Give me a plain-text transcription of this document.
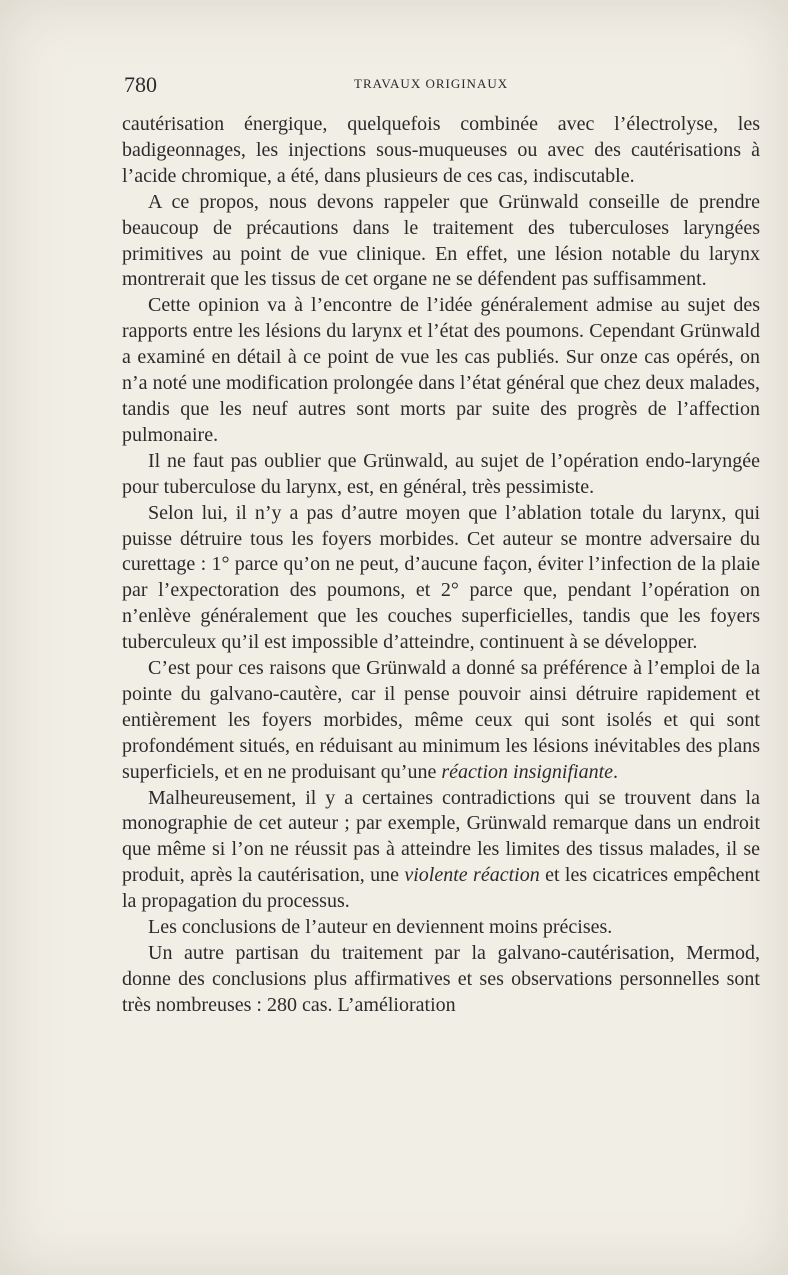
780	TRAVAUX ORIGINAUX

cautérisation énergique, quelquefois combinée avec l’électrolyse, les badigeonnages, les injections sous-muqueuses ou avec des cautérisations à l’acide chromique, a été, dans plusieurs de ces cas, indiscutable.

A ce propos, nous devons rappeler que Grünwald conseille de prendre beaucoup de précautions dans le traitement des tuberculoses laryngées primitives au point de vue clinique. En effet, une lésion notable du larynx montrerait que les tissus de cet organe ne se défendent pas suffisamment.

Cette opinion va à l’encontre de l’idée généralement admise au sujet des rapports entre les lésions du larynx et l’état des poumons. Cependant Grünwald a examiné en détail à ce point de vue les cas publiés. Sur onze cas opérés, on n’a noté une modification prolongée dans l’état général que chez deux malades, tandis que les neuf autres sont morts par suite des progrès de l’affection pulmonaire.

Il ne faut pas oublier que Grünwald, au sujet de l’opération endo-laryngée pour tuberculose du larynx, est, en général, très pessimiste.

Selon lui, il n’y a pas d’autre moyen que l’ablation totale du larynx, qui puisse détruire tous les foyers morbides. Cet auteur se montre adversaire du curettage : 1° parce qu’on ne peut, d’aucune façon, éviter l’infection de la plaie par l’expectoration des poumons, et 2° parce que, pendant l’opération on n’enlève généralement que les couches superficielles, tandis que les foyers tuberculeux qu’il est impossible d’atteindre, continuent à se développer.

C’est pour ces raisons que Grünwald a donné sa préférence à l’emploi de la pointe du galvano-cautère, car il pense pouvoir ainsi détruire rapidement et entièrement les foyers morbides, même ceux qui sont isolés et qui sont profondément situés, en réduisant au minimum les lésions inévitables des plans superficiels, et en ne produisant qu’une réaction insignifiante.

Malheureusement, il y a certaines contradictions qui se trouvent dans la monographie de cet auteur ; par exemple, Grünwald remarque dans un endroit que même si l’on ne réussit pas à atteindre les limites des tissus malades, il se produit, après la cautérisation, une violente réaction et les cicatrices empêchent la propagation du processus.

Les conclusions de l’auteur en deviennent moins précises.

Un autre partisan du traitement par la galvano-cautérisation, Mermod, donne des conclusions plus affirmatives et ses observations personnelles sont très nombreuses : 280 cas. L’amélioration
